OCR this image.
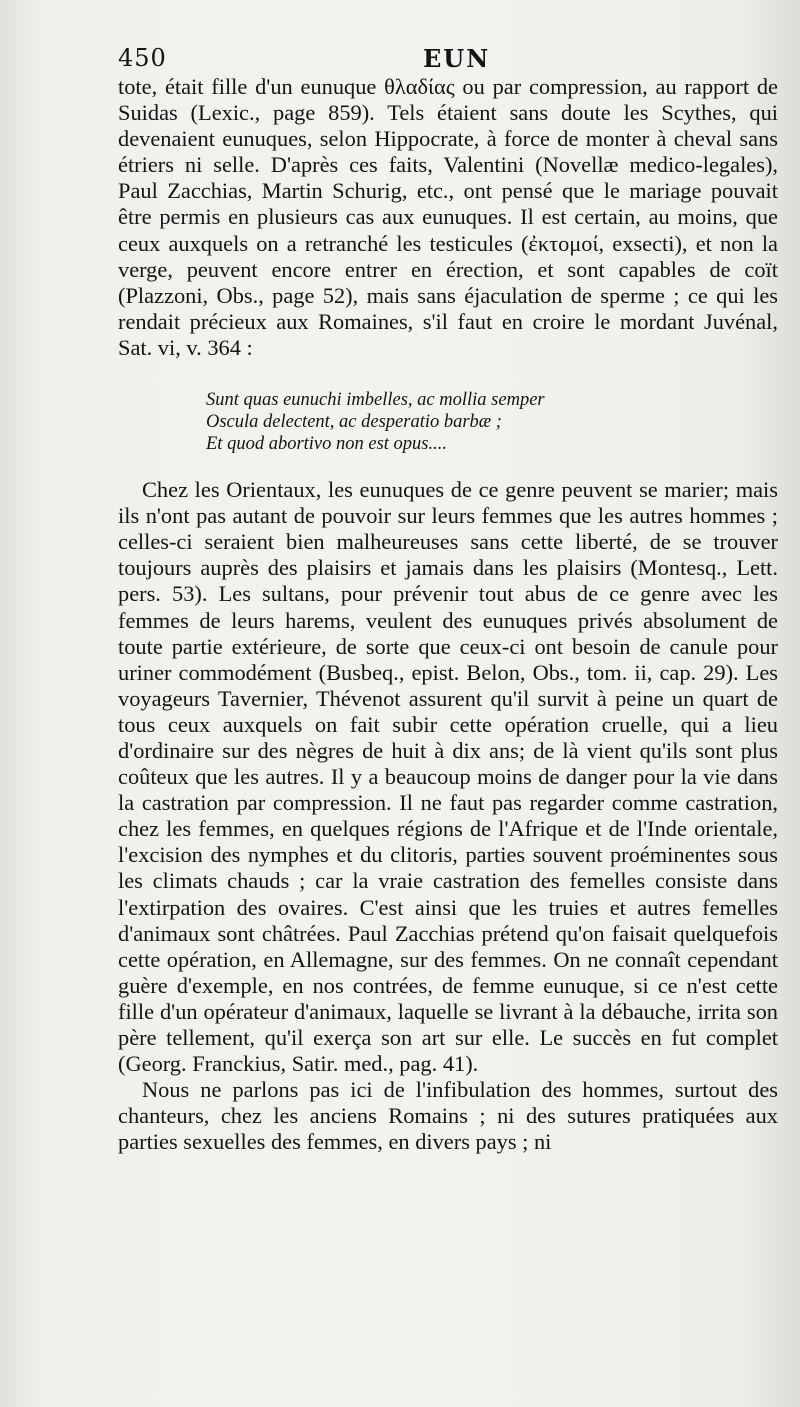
450	EUN

tote, était fille d'un eunuque θλαδίας ou par compression, au rapport de Suidas (Lexic., page 859). Tels étaient sans doute les Scythes, qui devenaient eunuques, selon Hippocrate, à force de monter à cheval sans étriers ni selle. D'après ces faits, Valentini (Novellæ medico-legales), Paul Zacchias, Martin Schurig, etc., ont pensé que le mariage pouvait être permis en plusieurs cas aux eunuques. Il est certain, au moins, que ceux auxquels on a retranché les testicules (ἐκτομοί, exsecti), et non la verge, peuvent encore entrer en érection, et sont capables de coït (Plazzoni, Obs., page 52), mais sans éjaculation de sperme ; ce qui les rendait précieux aux Romaines, s'il faut en croire le mordant Juvénal, Sat. vi, v. 364 :

Sunt quas eunuchi imbelles, ac mollia semper
Oscula delectent, ac desperatio barbæ ;
Et quod abortivo non est opus....

Chez les Orientaux, les eunuques de ce genre peuvent se marier; mais ils n'ont pas autant de pouvoir sur leurs femmes que les autres hommes ; celles-ci seraient bien malheureuses sans cette liberté, de se trouver toujours auprès des plaisirs et jamais dans les plaisirs (Montesq., Lett. pers. 53). Les sultans, pour prévenir tout abus de ce genre avec les femmes de leurs harems, veulent des eunuques privés absolument de toute partie extérieure, de sorte que ceux-ci ont besoin de canule pour uriner commodément (Busbeq., epist. Belon, Obs., tom. ii, cap. 29). Les voyageurs Tavernier, Thévenot assurent qu'il survit à peine un quart de tous ceux auxquels on fait subir cette opération cruelle, qui a lieu d'ordinaire sur des nègres de huit à dix ans; de là vient qu'ils sont plus coûteux que les autres. Il y a beaucoup moins de danger pour la vie dans la castration par compression. Il ne faut pas regarder comme castration, chez les femmes, en quelques régions de l'Afrique et de l'Inde orientale, l'excision des nymphes et du clitoris, parties souvent proéminentes sous les climats chauds ; car la vraie castration des femelles consiste dans l'extirpation des ovaires. C'est ainsi que les truies et autres femelles d'animaux sont châtrées. Paul Zacchias prétend qu'on faisait quelquefois cette opération, en Allemagne, sur des femmes. On ne connaît cependant guère d'exemple, en nos contrées, de femme eunuque, si ce n'est cette fille d'un opérateur d'animaux, laquelle se livrant à la débauche, irrita son père tellement, qu'il exerça son art sur elle. Le succès en fut complet (Georg. Franckius, Satir. med., pag. 41).

Nous ne parlons pas ici de l'infibulation des hommes, surtout des chanteurs, chez les anciens Romains ; ni des sutures pratiquées aux parties sexuelles des femmes, en divers pays ; ni
